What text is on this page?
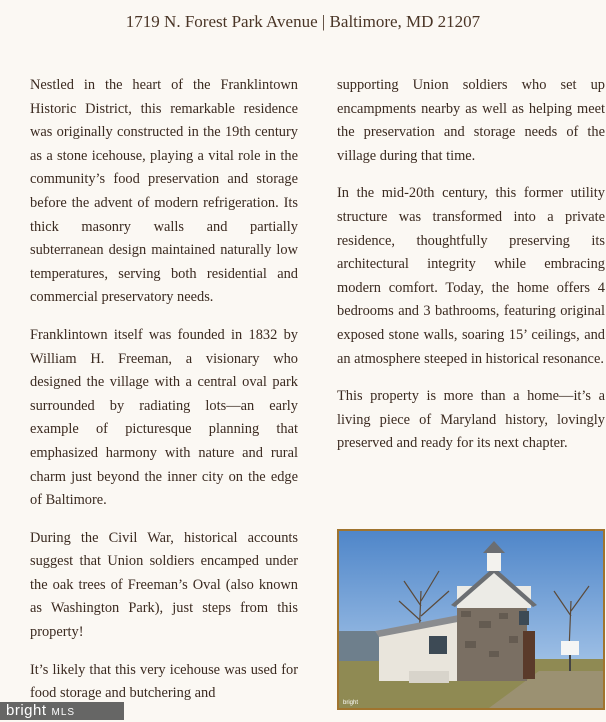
1719 N. Forest Park Avenue | Baltimore, MD 21207

Nestled in the heart of the Franklintown Historic District, this remarkable residence was originally constructed in the 19th century as a stone icehouse, playing a vital role in the community’s food preservation and storage before the advent of modern refrigeration. Its thick masonry walls and partially subterranean design maintained naturally low temperatures, serving both residential and commercial preservatory needs.

Franklintown itself was founded in 1832 by William H. Freeman, a visionary who designed the village with a central oval park surrounded by radiating lots—an early example of picturesque planning that emphasized harmony with nature and rural charm just beyond the inner city on the edge of Baltimore.

During the Civil War, historical accounts suggest that Union soldiers encamped under the oak trees of Freeman’s Oval (also known as Washington Park), just steps from this property!

It’s likely that this very icehouse was used for food storage and butchering and

supporting Union soldiers who set up encampments nearby as well as helping meet the preservation and storage needs of the village during that time.

In the mid-20th century, this former utility structure was transformed into a private residence, thoughtfully preserving its architectural integrity while embracing modern comfort. Today, the home offers 4 bedrooms and 3 bathrooms, featuring original exposed stone walls, soaring 15’ ceilings, and an atmosphere steeped in historical resonance.

This property is more than a home—it’s a living piece of Maryland history, lovingly preserved and ready for its next chapter.

bright
bright MLS
